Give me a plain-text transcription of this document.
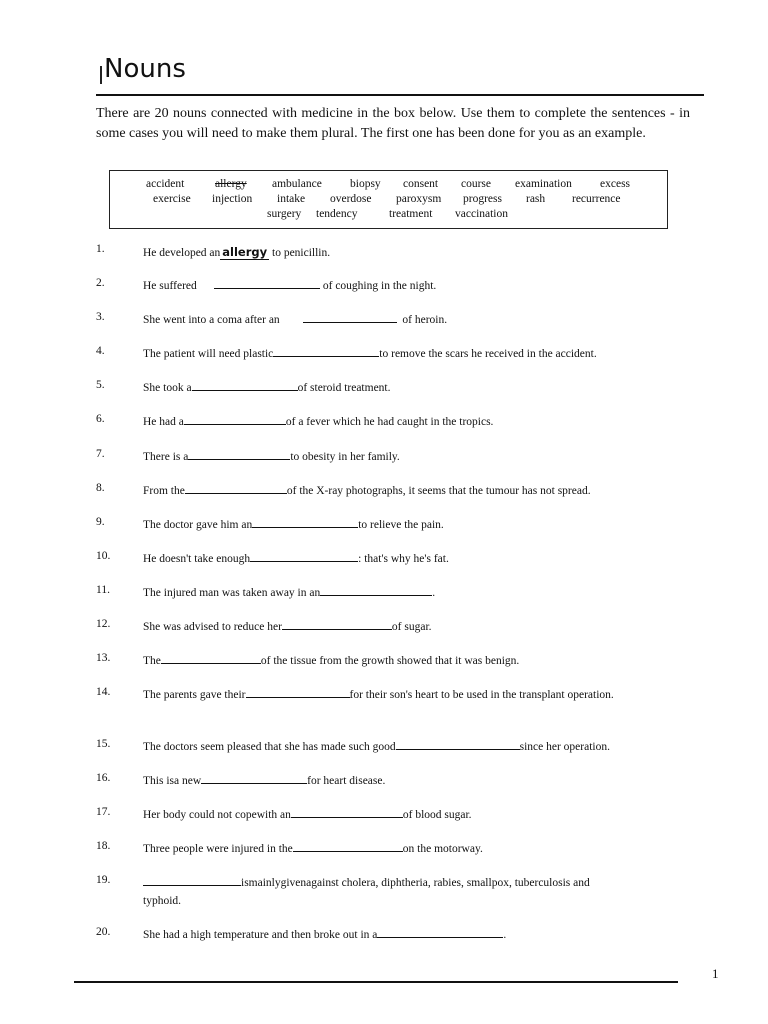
Nouns
There are 20 nouns connected with medicine in the box below. Use them to complete the sentences - in some cases you will need to make them plural. The first one has been done for you as an example.
accident	allergy ambulance biopsy consent course examination excess
exercise injection intake overdose paroxysm progress rash recurrence
surgery tendency	treatment vaccination
1.	He developed an allergy to penicillin.
2.	He suffered	of coughing in the night.
3.	She went into a coma after an	of heroin.
4.	The patient will need plastic	to remove the scars he received in the accident.
5.	She took a	of steroid treatment.
6.	He had a	of a fever which he had caught in the tropics.
7.	There is a	to obesity in her family.
8.	From the	of the X-ray photographs, it seems that the tumour has not spread.
9.	The doctor gave him an	to relieve the pain.
10.	He doesn't take enough	: that's why he's fat.
11.	The injured man was taken away in an	.
12.	She was advised to reduce her	of sugar.
13.	The	of the tissue from the growth showed that it was benign.
14.	The parents gave their	for their son's heart to be used in the transplant operation.
15.	The doctors seem pleased that she has made such good	since her operation.
16.	This isa new	for heart disease.
17.	Her body could not copewith an	of blood sugar.
18.	Three people were injured in the	on the motorway.
19.	ismainlygivenagainst cholera, diphtheria, rabies, smallpox, tuberculosis and typhoid.
20.	She had a high temperature and then broke out in a	.
1
